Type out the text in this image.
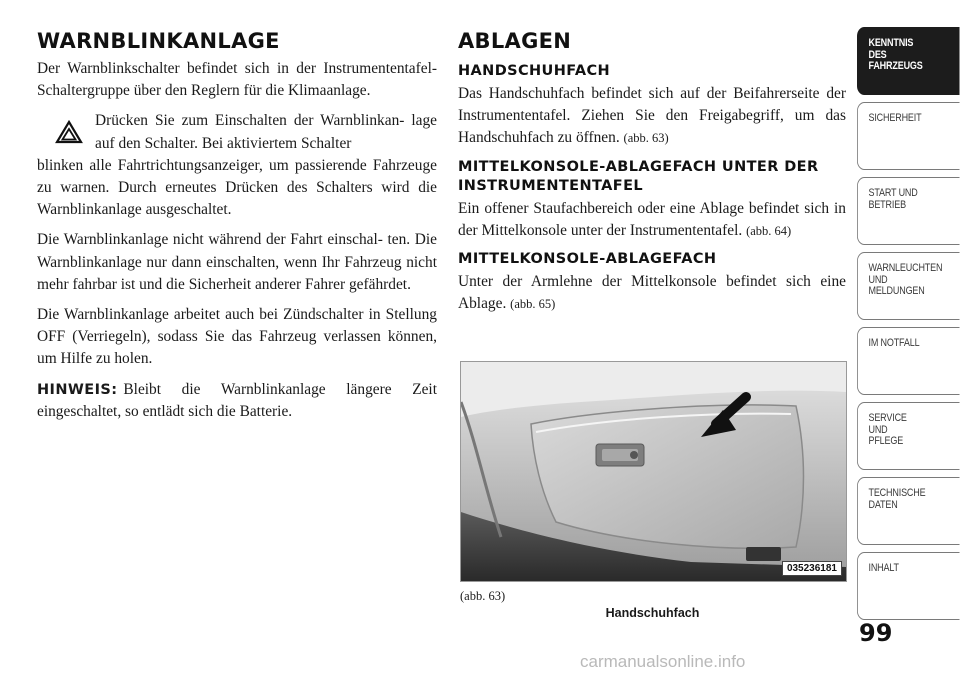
WARNBLINKANLAGE

Der Warnblinkschalter befindet sich in der Instrumententafel-Schaltergruppe über den Reglern für die Klimaanlage.

Drücken Sie zum Einschalten der Warnblinkan- lage auf den Schalter. Bei aktiviertem Schalter

blinken alle Fahrtrichtungsanzeiger, um passierende Fahrzeuge zu warnen. Durch erneutes Drücken des Schalters wird die Warnblinkanlage ausgeschaltet.

Die Warnblinkanlage nicht während der Fahrt einschal- ten. Die Warnblinkanlage nur dann einschalten, wenn Ihr Fahrzeug nicht mehr fahrbar ist und die Sicherheit anderer Fahrer gefährdet.

Die Warnblinkanlage arbeitet auch bei Zündschalter in Stellung OFF (Verriegeln), sodass Sie das Fahrzeug verlassen können, um Hilfe zu holen.

HINWEIS: Bleibt die Warnblinkanlage längere Zeit eingeschaltet, so entlädt sich die Batterie.

ABLAGEN
HANDSCHUHFACH

Das Handschuhfach befindet sich auf der Beifahrerseite der Instrumententafel. Ziehen Sie den Freigabegriff, um das Handschuhfach zu öffnen. (abb. 63)

MITTELKONSOLE-ABLAGEFACH UNTER DER INSTRUMENTENTAFEL

Ein offener Staufachbereich oder eine Ablage befindet sich in der Mittelkonsole unter der Instrumententafel. (abb. 64)

MITTELKONSOLE-ABLAGEFACH

Unter der Armlehne der Mittelkonsole befindet sich eine Ablage. (abb. 65)

035236181
(abb. 63)
Handschuhfach
KENNTNIS
DES
FAHRZEUGS
SICHERHEIT
START UND
BETRIEB
WARNLEUCHTEN
UND
MELDUNGEN
IM NOTFALL
SERVICE
UND
PFLEGE
TECHNISCHE
DATEN
INHALT
99
carmanualsonline.info
